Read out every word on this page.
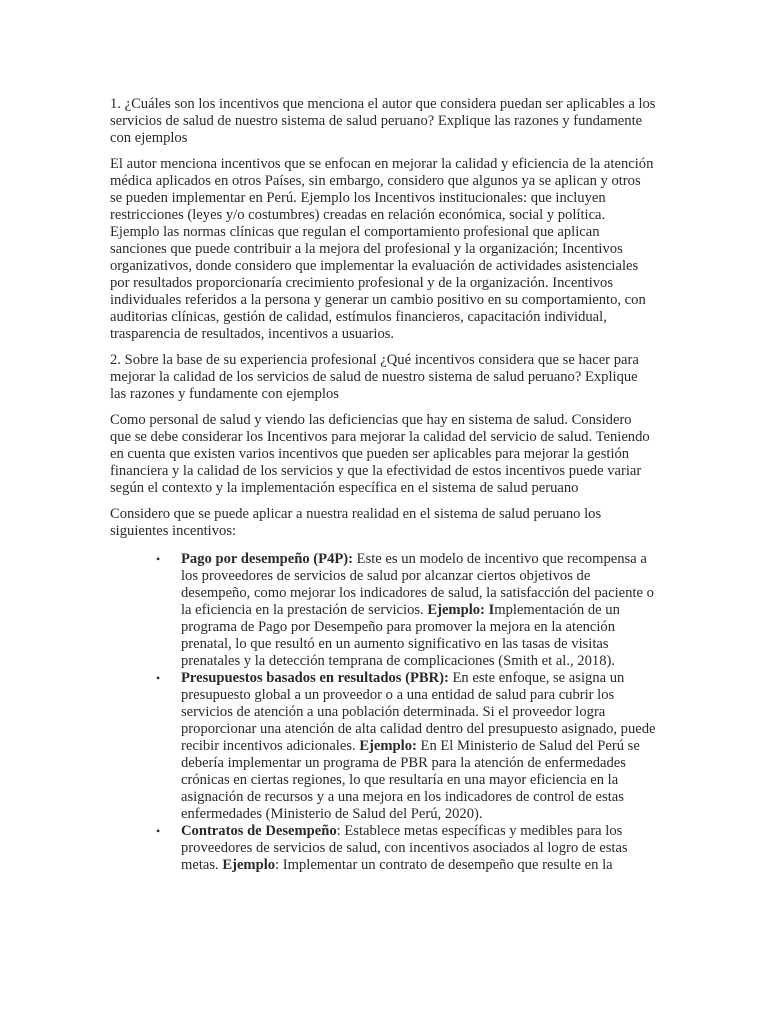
1. ¿Cuáles son los incentivos que menciona el autor que considera puedan ser aplicables a los servicios de salud de nuestro sistema de salud peruano? Explique las razones y fundamente con ejemplos

El autor menciona incentivos que se enfocan en mejorar la calidad y eficiencia de la atención médica aplicados en otros Países, sin embargo, considero que algunos ya se aplican y otros se pueden implementar en Perú. Ejemplo los Incentivos institucionales: que incluyen restricciones (leyes y/o costumbres) creadas en relación económica, social y política. Ejemplo las normas clínicas que regulan el comportamiento profesional que aplican sanciones que puede contribuir a la mejora del profesional y la organización; Incentivos organizativos, donde considero que implementar la evaluación de actividades asistenciales por resultados proporcionaría crecimiento profesional y de la organización. Incentivos individuales referidos a la persona y generar un cambio positivo en su comportamiento, con auditorias clínicas, gestión de calidad, estímulos financieros, capacitación individual, trasparencia de resultados, incentivos a usuarios.

2. Sobre la base de su experiencia profesional ¿Qué incentivos considera que se hacer para mejorar la calidad de los servicios de salud de nuestro sistema de salud peruano? Explique las razones y fundamente con ejemplos

Como personal de salud y viendo las deficiencias que hay en sistema de salud. Considero que se debe considerar los Incentivos para mejorar la calidad del servicio de salud. Teniendo en cuenta que existen varios incentivos que pueden ser aplicables para mejorar la gestión financiera y la calidad de los servicios y que la efectividad de estos incentivos puede variar según el contexto y la implementación específica en el sistema de salud peruano

Considero que se puede aplicar a nuestra realidad en el sistema de salud peruano los siguientes incentivos:

• Pago por desempeño (P4P): Este es un modelo de incentivo que recompensa a los proveedores de servicios de salud por alcanzar ciertos objetivos de desempeño, como mejorar los indicadores de salud, la satisfacción del paciente o la eficiencia en la prestación de servicios. Ejemplo: Implementación de un programa de Pago por Desempeño para promover la mejora en la atención prenatal, lo que resultó en un aumento significativo en las tasas de visitas prenatales y la detección temprana de complicaciones (Smith et al., 2018).
• Presupuestos basados en resultados (PBR): En este enfoque, se asigna un presupuesto global a un proveedor o a una entidad de salud para cubrir los servicios de atención a una población determinada. Si el proveedor logra proporcionar una atención de alta calidad dentro del presupuesto asignado, puede recibir incentivos adicionales. Ejemplo: En El Ministerio de Salud del Perú se debería implementar un programa de PBR para la atención de enfermedades crónicas en ciertas regiones, lo que resultaría en una mayor eficiencia en la asignación de recursos y a una mejora en los indicadores de control de estas enfermedades (Ministerio de Salud del Perú, 2020).
• Contratos de Desempeño: Establece metas específicas y medibles para los proveedores de servicios de salud, con incentivos asociados al logro de estas metas. Ejemplo: Implementar un contrato de desempeño que resulte en la
